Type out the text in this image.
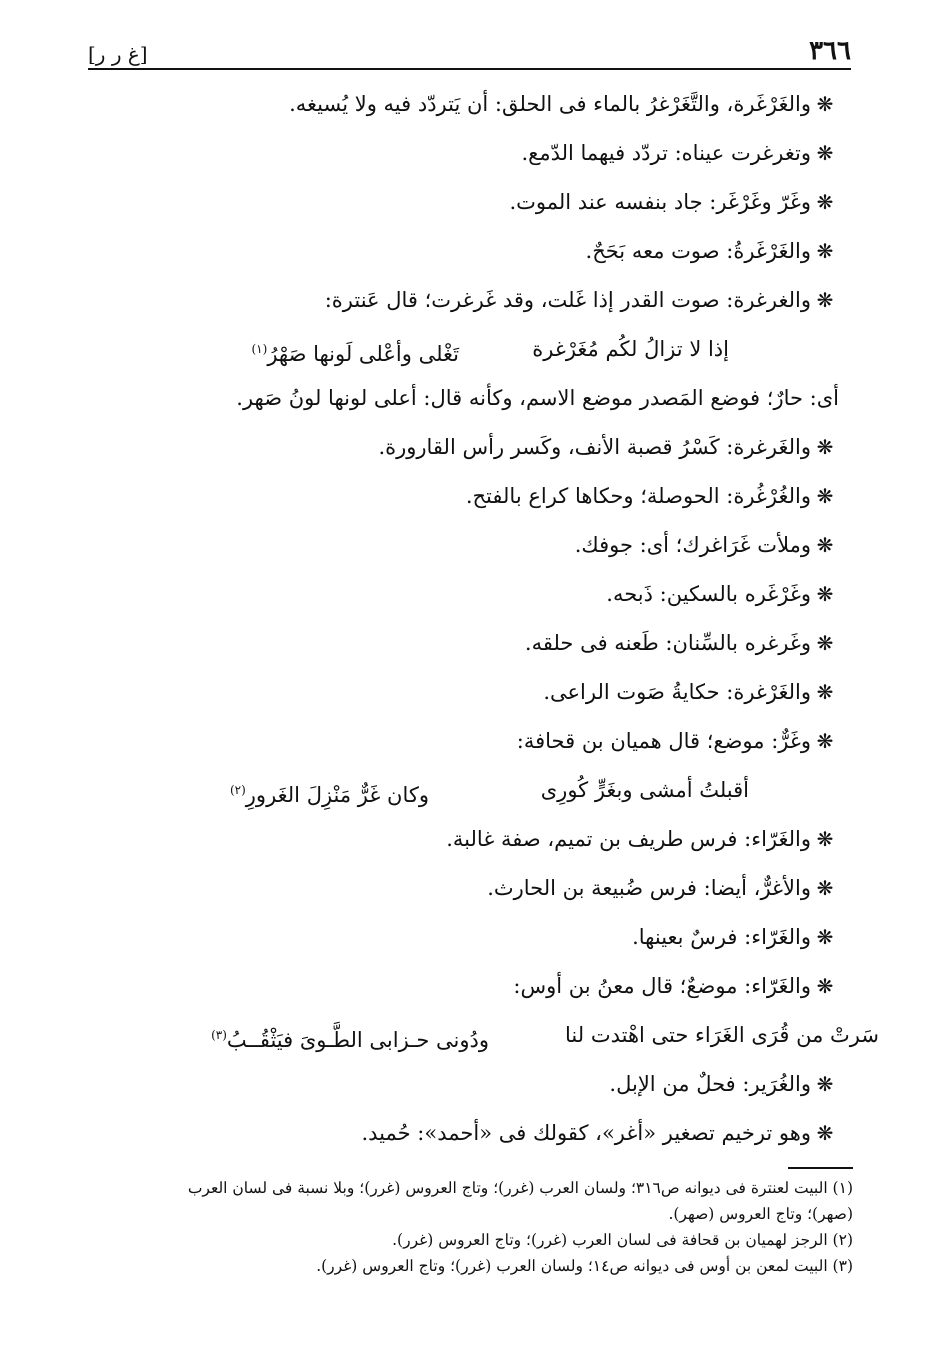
٣٦٦
[غ ر ر]
❋والغَرْغَرة، والتَّغَرْغرُ بالماء فى الحلق: أن يَتردّد فيه ولا يُسيغه.
❋وتغرغرت عيناه: تردّد فيهما الدّمع.
❋وغَرّ وغَرْغَر: جاد بنفسه عند الموت.
❋والغَرْغَرةُ: صوت معه بَحَحٌ.
❋والغرغرة: صوت القدر إذا غَلت، وقد غَرغرت؛ قال عَنترة:
إذا لا تزالُ لكُم مُغَرْغرة
تَغْلى وأعْلى لَونها صَهْرُ$^{(١)}$
أى: حارٌ؛ فوضع المَصدر موضع الاسم، وكأنه قال: أعلى لونها لونُ صَهر.
❋والغَرغرة: كَسْرُ قصبة الأنف، وكَسر رأس القارورة.
❋والغُرْغُرة: الحوصلة؛ وحكاها كراع بالفتح.
❋وملأت غَرَاغرك؛ أى: جوفك.
❋وغَرْغَره بالسكين: ذَبحه.
❋وغَرغره بالسِّنان: طَعنه فى حلقه.
❋والغَرْغرة: حكايةُ صَوت الراعى.
❋وغَرٌّ: موضع؛ قال هميان بن قحافة:
أقبلتُ أمشى وبغَرٍّ كُورِى
وكان غَرٌّ مَنْزِلَ الغَرورِ$^{(٢)}$
❋والغَرّاء: فرس طريف بن تميم، صفة غالبة.
❋والأغرٌّ، أيضا: فرس ضُبيعة بن الحارث.
❋والغَرّاء: فرسٌ بعينها.
❋والغَرّاء: موضعٌ؛ قال معنُ بن أوس:
سَرتْ من قُرَى الغَرَاء حتى اهْتدت لنا
ودُونى حـزابى الطَّـوىَ فيَثْقُــبُ$^{(٣)}$
❋والغُرَير: فحلٌ من الإبل.
❋وهو ترخيم تصغير «أغر»، كقولك فى «أحمد»: حُميد.
(١) البيت لعنترة فى ديوانه ص٣١٦؛ ولسان العرب (غرر)؛ وتاج العروس (غرر)؛ وبلا نسبة فى لسان العرب
(صهر)؛ وتاج العروس (صهر).
(٢) الرجز لهميان بن قحافة فى لسان العرب (غرر)؛ وتاج العروس (غرر).
(٣) البيت لمعن بن أوس فى ديوانه ص١٤؛ ولسان العرب (غرر)؛ وتاج العروس (غرر).
